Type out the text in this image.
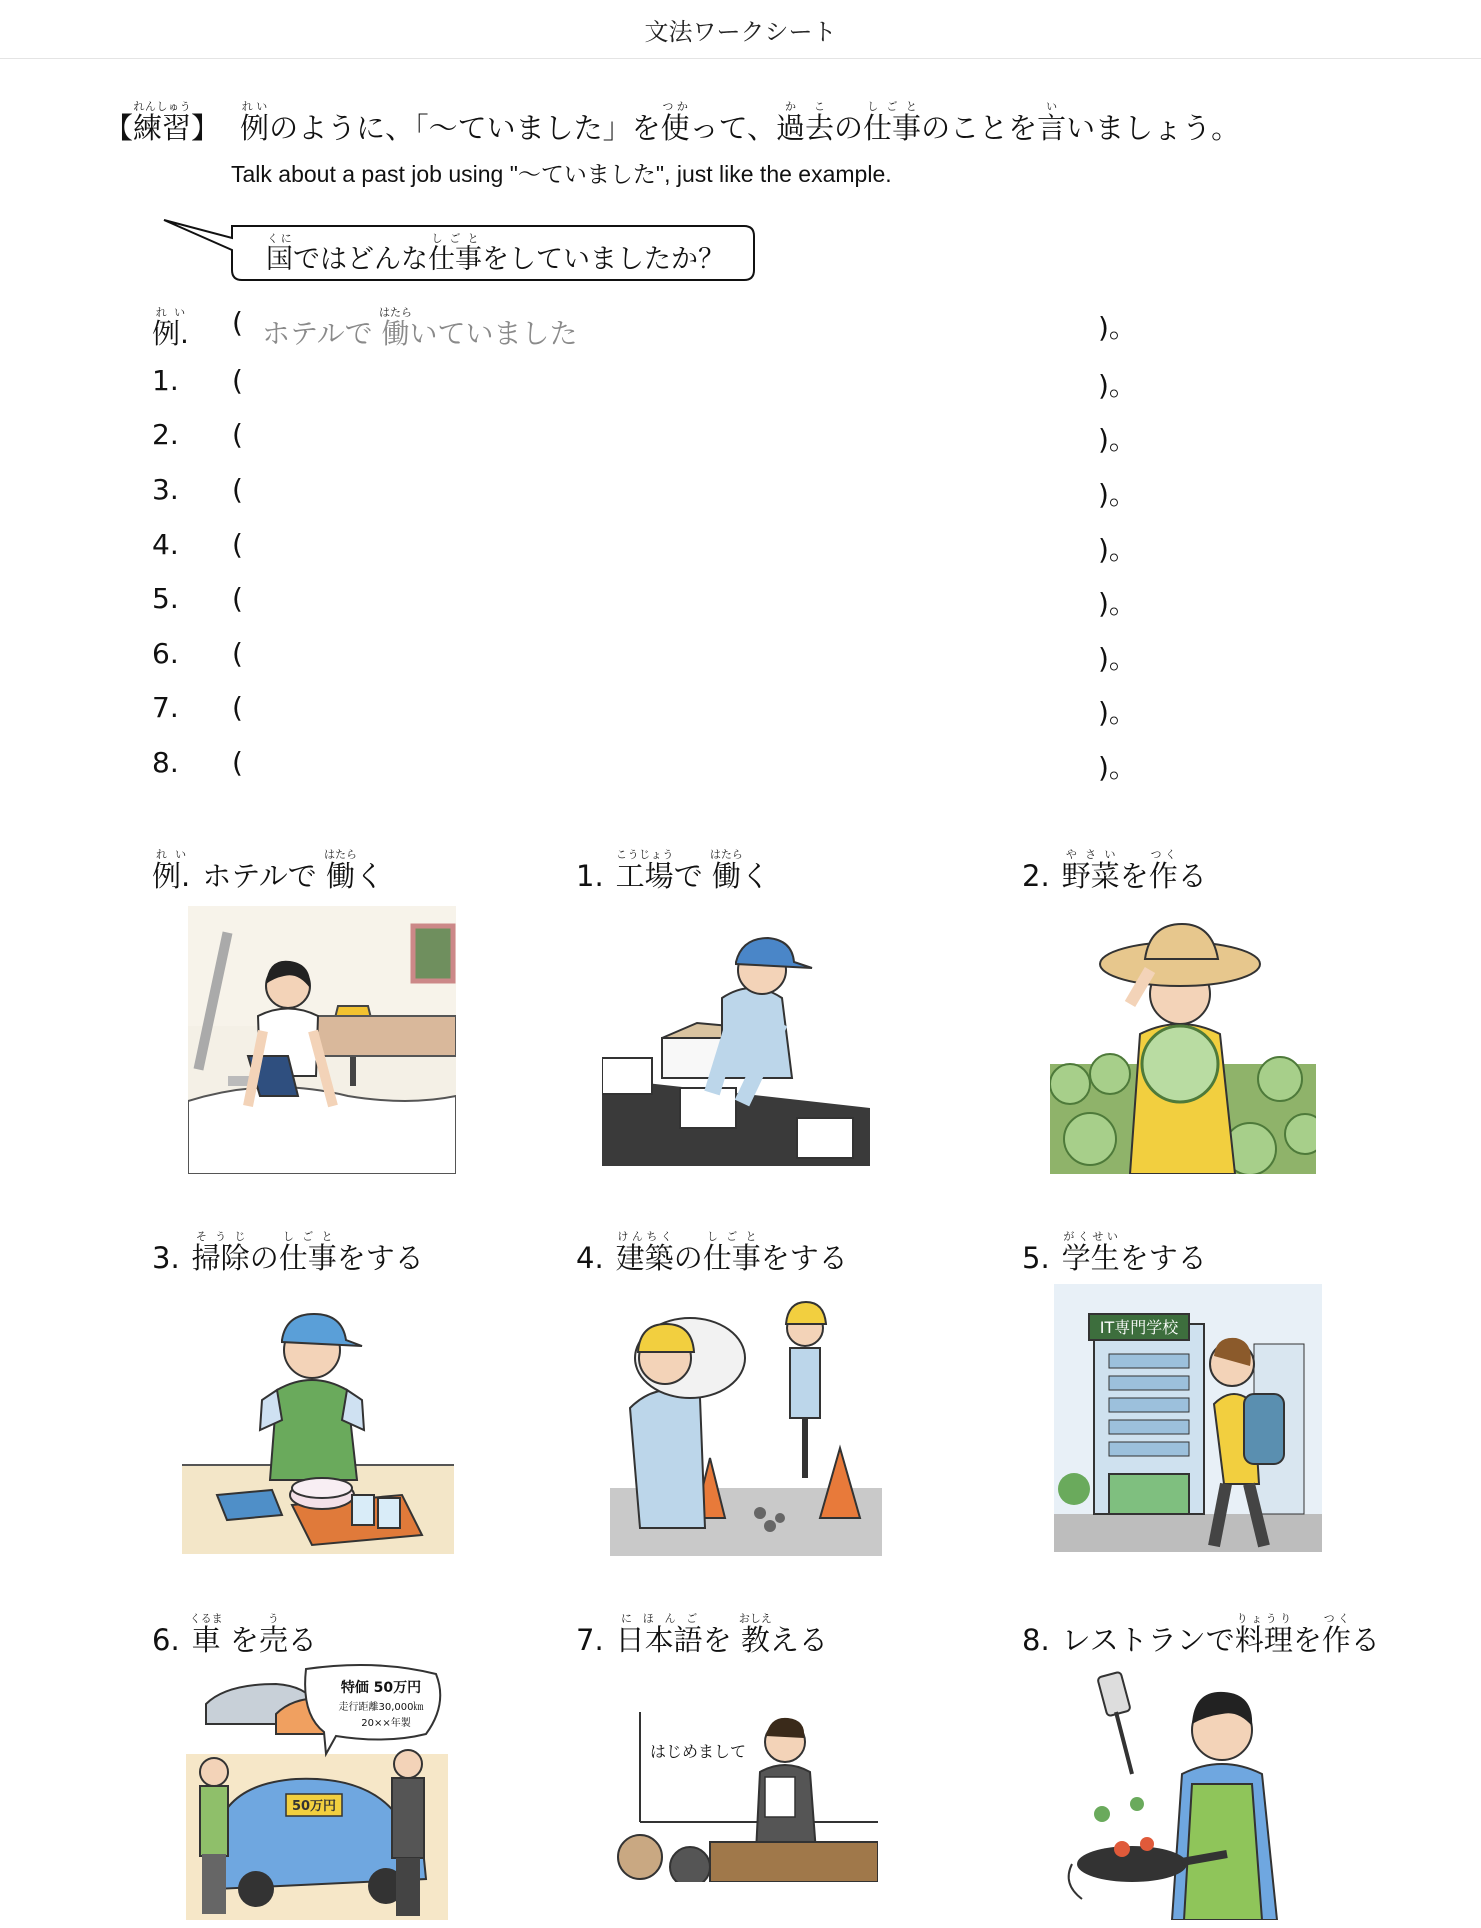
文法ワークシート
【練習れんしゅう】 例れいのように、「～ていました」を使つかって、過去かこの仕事しごとのことを言いいましょう。
Talk about a past job using "～ていました", just like the example.
国くにではどんな仕事しごとをしていましたか？
例.れい ( ホテルで 働はたらいていました	)。
1. (	)。
2. (	)。
3. (	)。
4. (	)。
5. (	)。
6. (	)。
7. (	)。
8. (	)。
例.れいホテルで 働はたらく	1. 工場こうじょうで 働はたらく	2. 野菜やさいを作つくる
3. 掃除そうじの仕事しごとをする	4. 建築けんちくの仕事しごとをする	5. 学生がくせいをする
6. 車くるま を売うる	7. 日本語にほんごを 教おしええる	8. レストランで料理りょうりを作つくる
IT専門学校
50万円
特価 50万円
走行距離30,000㎞
20××年製
はじめまして
